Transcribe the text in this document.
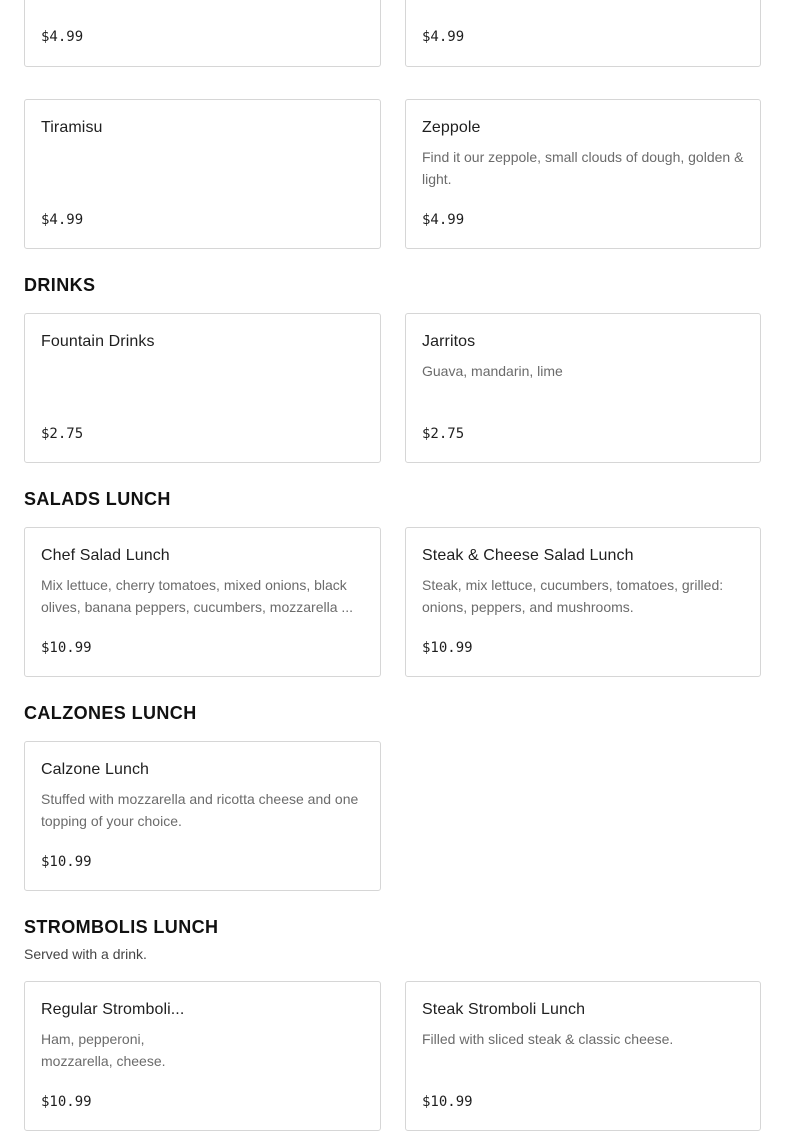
$4.99	$4.99
Tiramisu
$4.99
Zeppole
Find it our zeppole, small clouds of dough, golden & light.
$4.99
DRINKS
Fountain Drinks
$2.75
Jarritos
Guava, mandarin, lime
$2.75
SALADS LUNCH
Chef Salad Lunch
Mix lettuce, cherry tomatoes, mixed onions, black olives, banana peppers, cucumbers, mozzarella ...
$10.99
Steak & Cheese Salad Lunch
Steak, mix lettuce, cucumbers, tomatoes, grilled: onions, peppers, and mushrooms.
$10.99
CALZONES LUNCH
Calzone Lunch
Stuffed with mozzarella and ricotta cheese and one topping of your choice.
$10.99
STROMBOLIS LUNCH
Served with a drink.
Regular Stromboli...
Ham, pepperoni, mozzarella, cheese.
$10.99
Steak Stromboli Lunch
Filled with sliced steak & classic cheese.
$10.99
